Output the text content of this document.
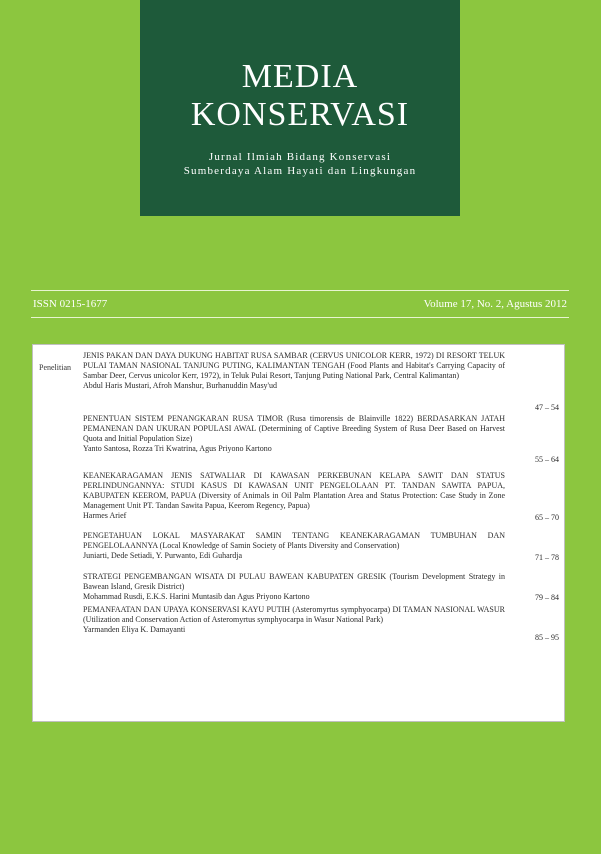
MEDIA
KONSERVASI
Jurnal Ilmiah Bidang Konservasi
Sumberdaya Alam Hayati dan Lingkungan
ISSN 0215-1677	Volume 17, No. 2, Agustus 2012
Penelitian
JENIS PAKAN DAN DAYA DUKUNG HABITAT RUSA SAMBAR (CERVUS UNICOLOR KERR, 1972) DI RESORT TELUK PULAI TAMAN NASIONAL TANJUNG PUTING, KALIMANTAN TENGAH (Food Plants and Habitat's Carrying Capacity of Sambar Deer, Cervus unicolor Kerr, 1972), in Teluk Pulai Resort, Tanjung Puting National Park, Central Kalimantan)
Abdul Haris Mustari, Afroh Manshur, Burhanuddin Masy'ud
47 – 54
PENENTUAN SISTEM PENANGKARAN RUSA TIMOR (Rusa timorensis de Blainville 1822) BERDASARKAN JATAH PEMANENAN DAN UKURAN POPULASI AWAL (Determining of Captive Breeding System of Rusa Deer Based on Harvest Quota and Initial Population Size)
Yanto Santosa, Rozza Tri Kwatrina, Agus Priyono Kartono
55 – 64
KEANEKARAGAMAN JENIS SATWALIAR DI KAWASAN PERKEBUNAN KELAPA SAWIT DAN STATUS PERLINDUNGANNYA: STUDI KASUS DI KAWASAN UNIT PENGELOLAAN PT. TANDAN SAWITA PAPUA, KABUPATEN KEEROM, PAPUA (Diversity of Animals in Oil Palm Plantation Area and Status Protection: Case Study in Zone Management Unit PT. Tandan Sawita Papua, Keerom Regency, Papua)
Harmes Arief	65 – 70
PENGETAHUAN LOKAL MASYARAKAT SAMIN TENTANG KEANEKARAGAMAN TUMBUHAN DAN PENGELOLAANNYA (Local Knowledge of Samin Society of Plants Diversity and Conservation)
Juniarti, Dede Setiadi, Y. Purwanto, Edi Guhardja	71 – 78
STRATEGI PENGEMBANGAN WISATA DI PULAU BAWEAN KABUPATEN GRESIK (Tourism Development Strategy in Bawean Island, Gresik District)
Mohammad Rusdi, E.K.S. Harini Muntasib dan Agus Priyono Kartono	79 – 84
PEMANFAATAN DAN UPAYA KONSERVASI KAYU PUTIH (Asteromyrtus symphyocarpa) DI TAMAN NASIONAL WASUR (Utilization and Conservation Action of Asteromyrtus symphyocarpa in Wasur National Park)
Yarmanden Eliya K. Damayanti
85 – 95
